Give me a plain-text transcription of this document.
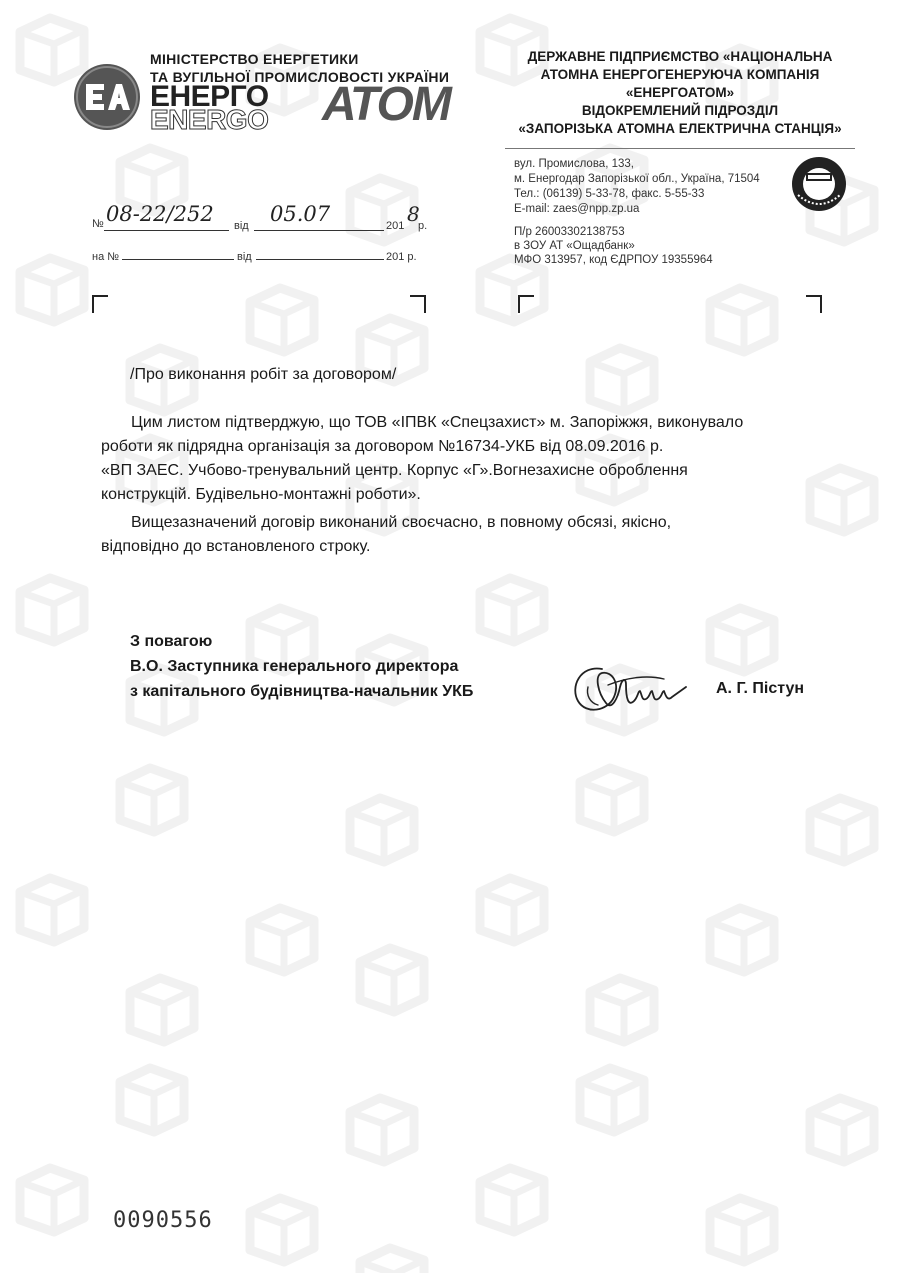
МІНІСТЕРСТВО ЕНЕРГЕТИКИ
ТА ВУГІЛЬНОЇ ПРОМИСЛОВОСТІ УКРАЇНИ
ЕНЕРГО
ENERGO АТОМ
ДЕРЖАВНЕ ПІДПРИЄМСТВО «НАЦІОНАЛЬНА
АТОМНА ЕНЕРГОГЕНЕРУЮЧА КОМПАНІЯ
«ЕНЕРГОАТОМ»
ВІДОКРЕМЛЕНИЙ ПІДРОЗДІЛ
«ЗАПОРІЗЬКА АТОМНА ЕЛЕКТРИЧНА СТАНЦІЯ»
вул. Промислова, 133,
м. Енергодар Запорізької обл., Україна, 71504
Тел.: (06139) 5-33-78, факс. 5-55-33
E-mail: zaes@npp.zp.ua
П/р 26003302138753
в ЗОУ АТ «Ощадбанк»
МФО 313957, код ЄДРПОУ 19355964
№ 08-22/252 від 05.07	201 8
р.
на №	від	201 р.
/Про виконання робіт за договором/
Цим листом підтверджую, що ТОВ «ІПВК «Спецзахист» м. Запоріжжя, виконувало
роботи як підрядна організація за договором №16734-УКБ від 08.09.2016 р.
«ВП ЗАЕС. Учбово-тренувальний центр. Корпус «Г».Вогнезахисне оброблення
конструкцій. Будівельно-монтажні роботи».
Вищезазначений договір виконаний своєчасно, в повному обсязі, якісно,
відповідно до встановленого строку.
З повагою
В.О. Заступника генерального директора
з капітального будівництва-начальник УКБ	А. Г. Пістун
0090556
